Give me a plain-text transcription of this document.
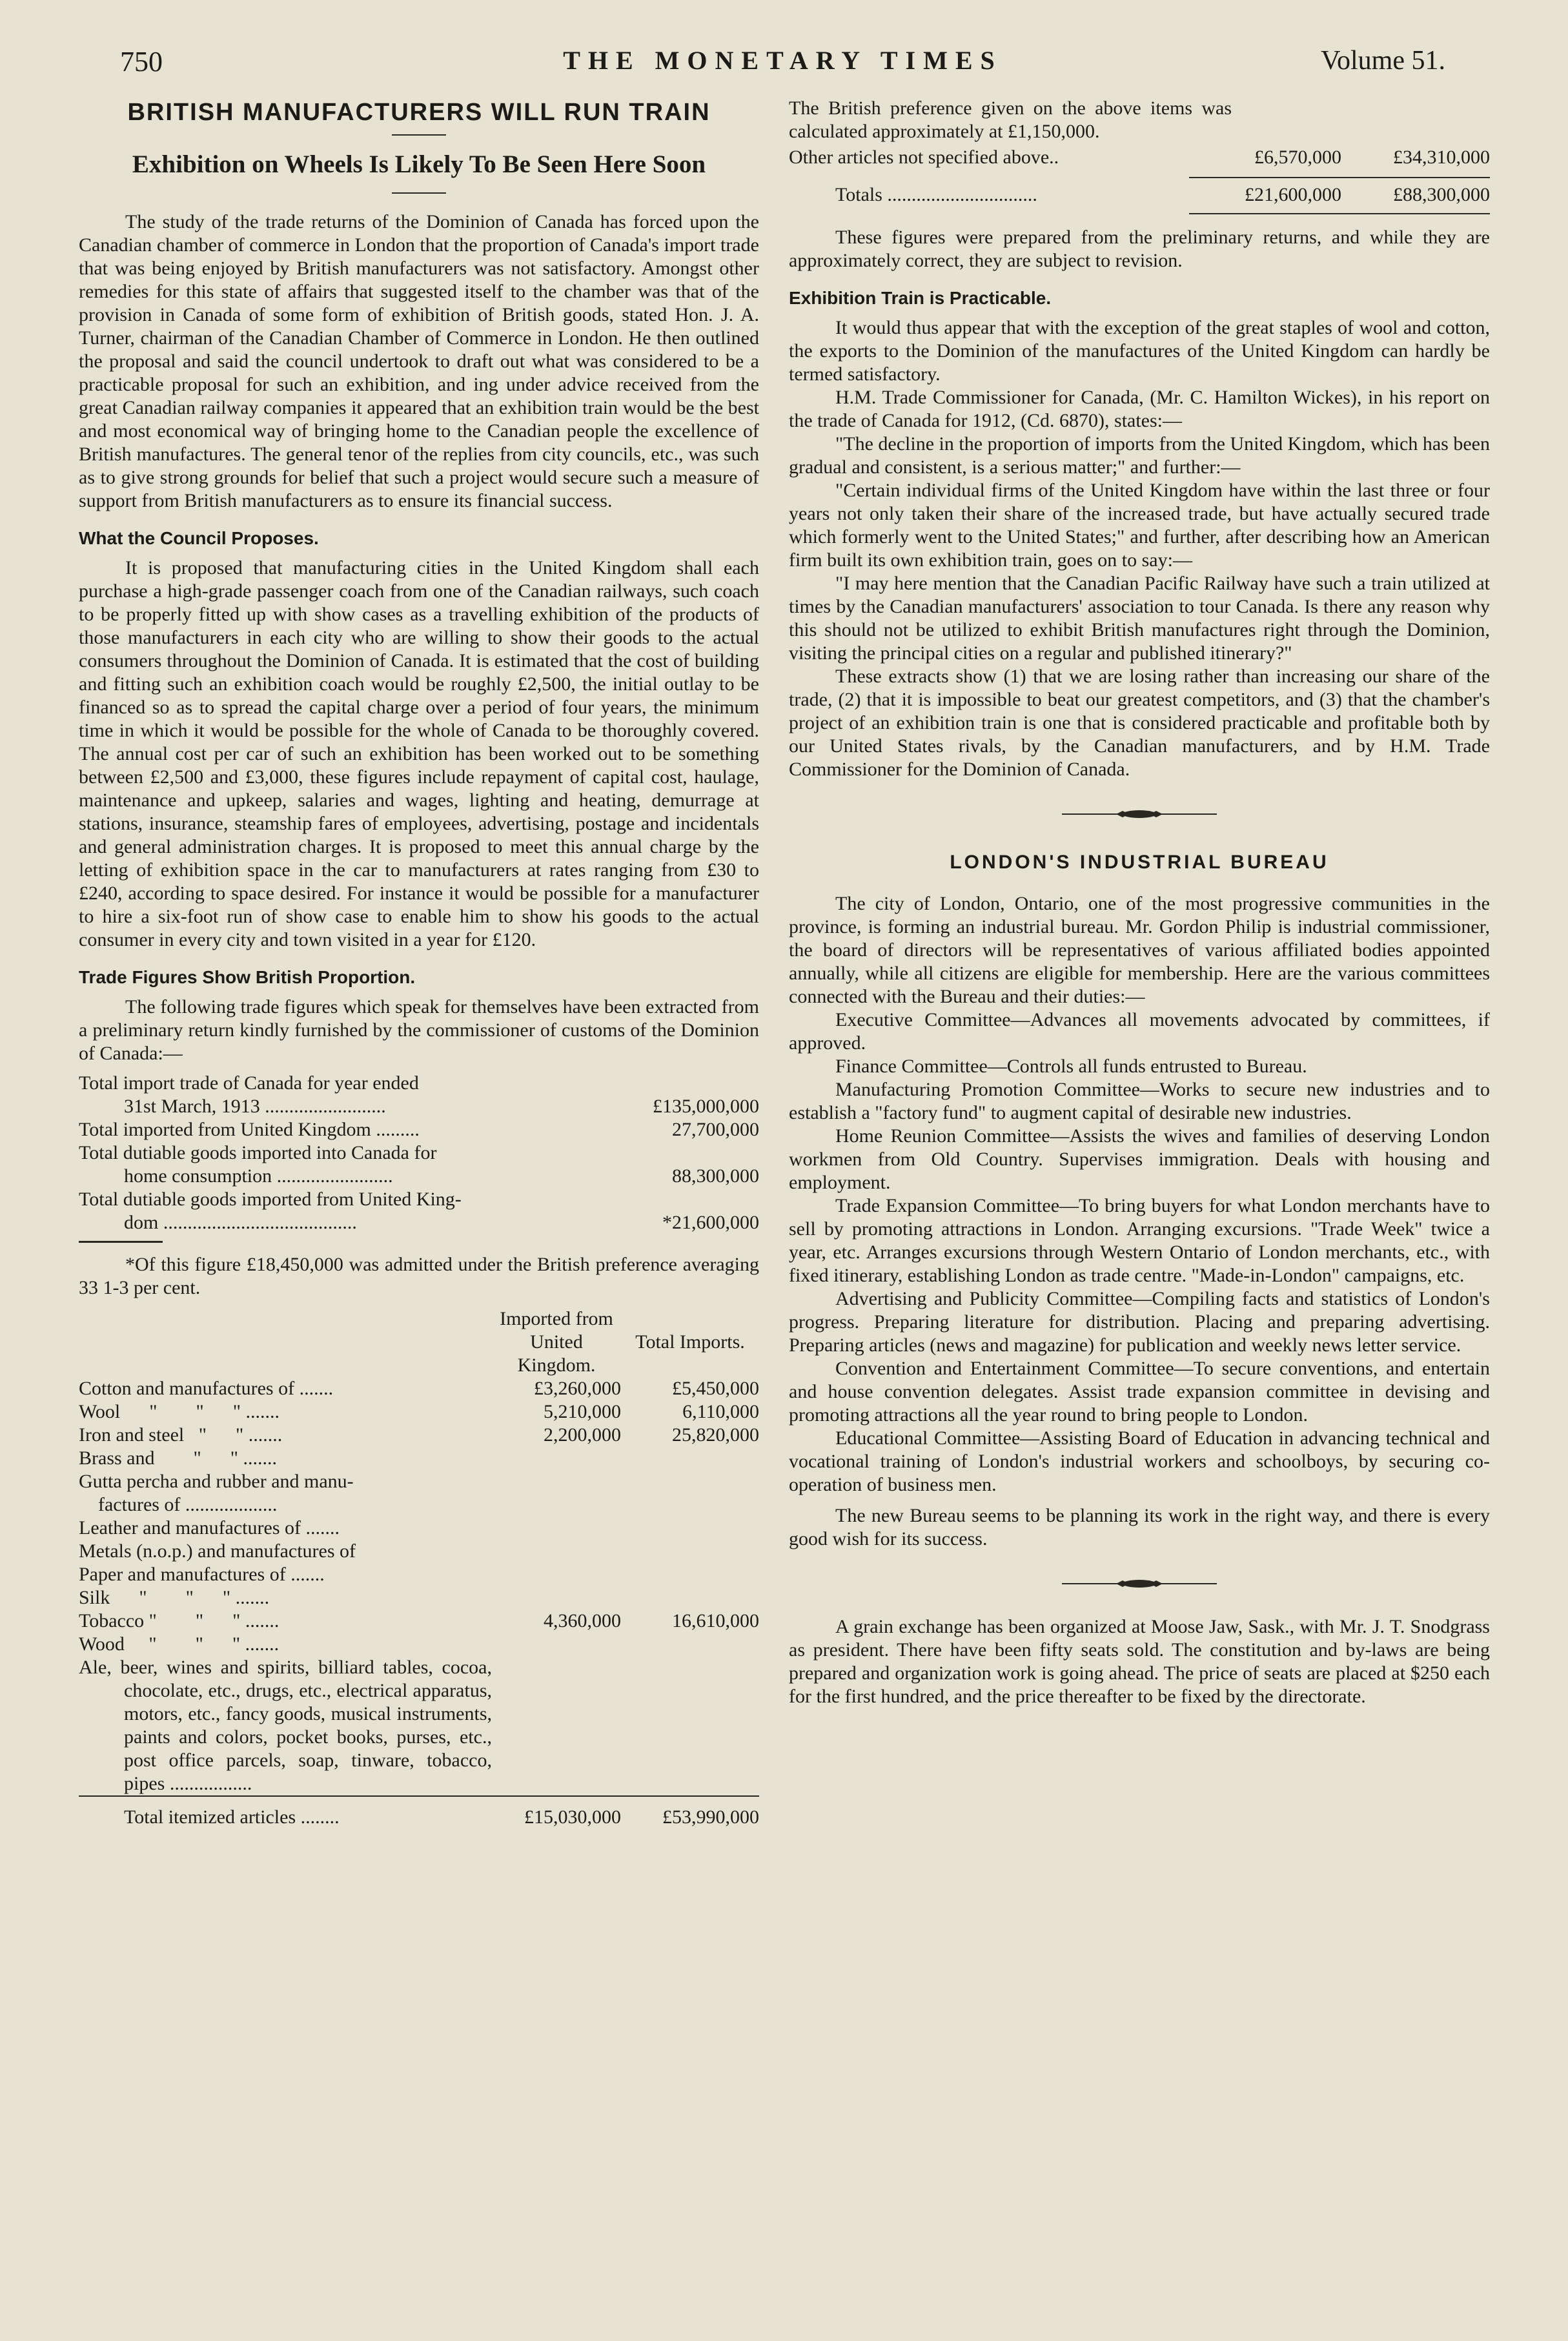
750	THE MONETARY TIMES	Volume 51.
BRITISH MANUFACTURERS WILL RUN TRAIN
Exhibition on Wheels Is Likely To Be Seen Here Soon

The study of the trade returns of the Dominion of Canada has forced upon the Canadian chamber of commerce in London that the proportion of Canada's import trade that was being enjoyed by British manufacturers was not satisfactory. Amongst other remedies for this state of affairs that suggested itself to the chamber was that of the provision in Canada of some form of exhibition of British goods, stated Hon. J. A. Turner, chairman of the Canadian Chamber of Commerce in London. He then outlined the proposal and said the council undertook to draft out what was considered to be a practicable proposal for such an exhibition, and ing under advice received from the great Canadian railway companies it appeared that an exhibition train would be the best and most economical way of bringing home to the Canadian people the excellence of British manufactures. The general tenor of the replies from city councils, etc., was such as to give strong grounds for belief that such a project would secure such a measure of support from British manufacturers as to ensure its financial success.

What the Council Proposes.

It is proposed that manufacturing cities in the United Kingdom shall each purchase a high-grade passenger coach from one of the Canadian railways, such coach to be properly fitted up with show cases as a travelling exhibition of the products of those manufacturers in each city who are willing to show their goods to the actual consumers throughout the Dominion of Canada. It is estimated that the cost of building and fitting such an exhibition coach would be roughly £2,500, the initial outlay to be financed so as to spread the capital charge over a period of four years, the minimum time in which it would be possible for the whole of Canada to be thoroughly covered. The annual cost per car of such an exhibition has been worked out to be something between £2,500 and £3,000, these figures include repayment of capital cost, haulage, maintenance and upkeep, salaries and wages, lighting and heating, demurrage at stations, insurance, steamship fares of employees, advertising, postage and incidentals and general administration charges. It is proposed to meet this annual charge by the letting of exhibition space in the car to manufacturers at rates ranging from £30 to £240, according to space desired. For instance it would be possible for a manufacturer to hire a six-foot run of show case to enable him to show his goods to the actual consumer in every city and town visited in a year for £120.

Trade Figures Show British Proportion.

The following trade figures which speak for themselves have been extracted from a preliminary return kindly furnished by the commissioner of customs of the Dominion of Canada:—

Total import trade of Canada for year ended
31st March, 1913 .........................	£135,000,000
Total imported from United Kingdom .........	27,700,000
Total dutiable goods imported into Canada for
home consumption ........................	88,300,000
Total dutiable goods imported from United King-
dom ........................................	*21,600,000

*Of this figure £18,450,000 was admitted under the British preference averaging 33 1-3 per cent.

	Imported from United Kingdom.	Total Imports.
Cotton and manufactures of .......	£3,260,000	£5,450,000
Wool      "        "      " .......	5,210,000	6,110,000
Iron and steel   "      " .......	2,200,000	25,820,000
Brass and        "      " .......		
Gutta percha and rubber and manu-		
factures of ...................		
Leather and manufactures of .......		
Metals (n.o.p.) and manufactures of		
Paper and manufactures of .......		
Silk      "        "      " .......		
Tobacco "        "      " .......	4,360,000	16,610,000
Wood     "        "      " .......		
Ale, beer, wines and spirits, billiard tables, cocoa, chocolate, etc., drugs, etc., electrical apparatus, motors, etc., fancy goods, musical instruments, paints and colors, pocket books, purses, etc., post office parcels, soap, tinware, tobacco, pipes .................		
Total itemized articles ........	£15,030,000	£53,990,000

The British preference given on the above items was calculated approximately at £1,150,000.

Other articles not specified above..	£6,570,000	£34,310,000
Totals ...............................	£21,600,000	£88,300,000

These figures were prepared from the preliminary returns, and while they are approximately correct, they are subject to revision.

Exhibition Train is Practicable.

It would thus appear that with the exception of the great staples of wool and cotton, the exports to the Dominion of the manufactures of the United Kingdom can hardly be termed satisfactory.

H.M. Trade Commissioner for Canada, (Mr. C. Hamilton Wickes), in his report on the trade of Canada for 1912, (Cd. 6870), states:—

"The decline in the proportion of imports from the United Kingdom, which has been gradual and consistent, is a serious matter;" and further:—

"Certain individual firms of the United Kingdom have within the last three or four years not only taken their share of the increased trade, but have actually secured trade which formerly went to the United States;" and further, after describing how an American firm built its own exhibition train, goes on to say:—

"I may here mention that the Canadian Pacific Railway have such a train utilized at times by the Canadian manufacturers' association to tour Canada. Is there any reason why this should not be utilized to exhibit British manufactures right through the Dominion, visiting the principal cities on a regular and published itinerary?"

These extracts show (1) that we are losing rather than increasing our share of the trade, (2) that it is impossible to beat our greatest competitors, and (3) that the chamber's project of an exhibition train is one that is considered practicable and profitable both by our United States rivals, by the Canadian manufacturers, and by H.M. Trade Commissioner for the Dominion of Canada.

LONDON'S INDUSTRIAL BUREAU

The city of London, Ontario, one of the most progressive communities in the province, is forming an industrial bureau. Mr. Gordon Philip is industrial commissioner, the board of directors will be representatives of various affiliated bodies appointed annually, while all citizens are eligible for membership. Here are the various committees connected with the Bureau and their duties:—

Executive Committee—Advances all movements advocated by committees, if approved.

Finance Committee—Controls all funds entrusted to Bureau.

Manufacturing Promotion Committee—Works to secure new industries and to establish a "factory fund" to augment capital of desirable new industries.

Home Reunion Committee—Assists the wives and families of deserving London workmen from Old Country. Supervises immigration. Deals with housing and employment.

Trade Expansion Committee—To bring buyers for what London merchants have to sell by promoting attractions in London. Arranging excursions. "Trade Week" twice a year, etc. Arranges excursions through Western Ontario of London merchants, etc., with fixed itinerary, establishing London as trade centre. "Made-in-London" campaigns, etc.

Advertising and Publicity Committee—Compiling facts and statistics of London's progress. Preparing literature for distribution. Placing and preparing advertising. Preparing articles (news and magazine) for publication and weekly news letter service.

Convention and Entertainment Committee—To secure conventions, and entertain and house convention delegates. Assist trade expansion committee in devising and promoting attractions all the year round to bring people to London.

Educational Committee—Assisting Board of Education in advancing technical and vocational training of London's industrial workers and schoolboys, by securing co-operation of business men.

The new Bureau seems to be planning its work in the right way, and there is every good wish for its success.

A grain exchange has been organized at Moose Jaw, Sask., with Mr. J. T. Snodgrass as president. There have been fifty seats sold. The constitution and by-laws are being prepared and organization work is going ahead. The price of seats are placed at $250 each for the first hundred, and the price thereafter to be fixed by the directorate.
